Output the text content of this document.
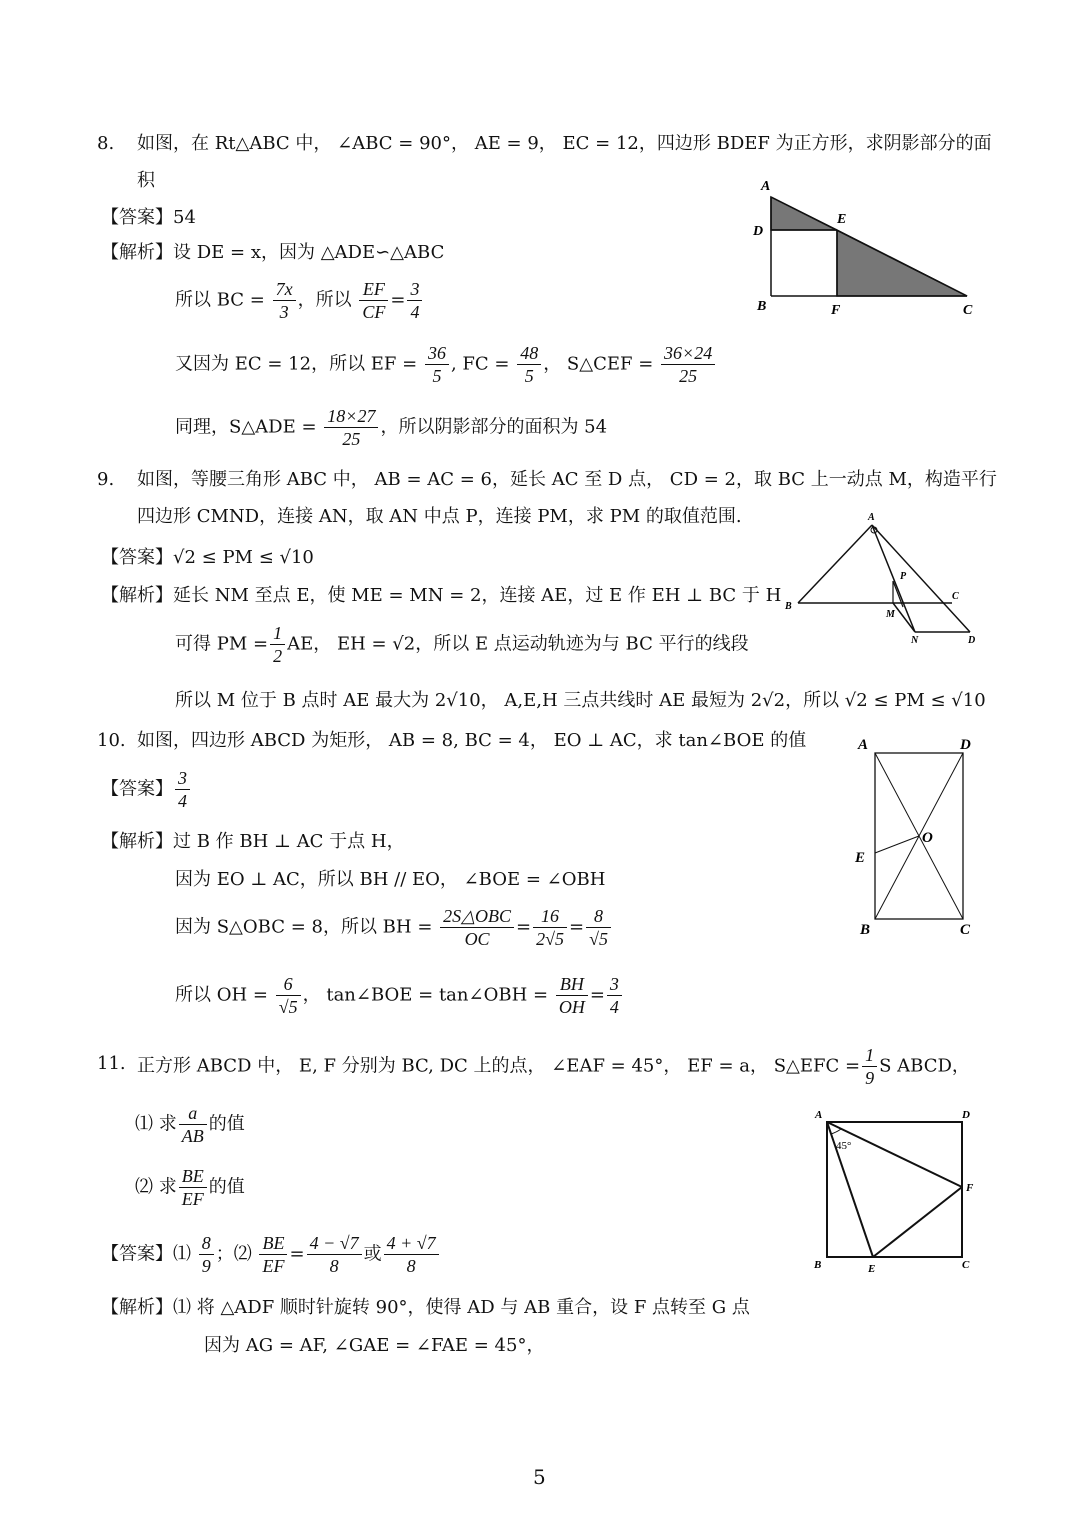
8. 如图，在 Rt△ABC 中， ∠ABC = 90°， AE = 9， EC = 12，四边形 BDEF 为正方形，求阴影部分的面
积
【答案】54
【解析】设 DE = x，因为 △ADE∽△ABC
所以 BC = $\frac{7x}{3}$ ，所以 $\frac{EF}{CF} = \frac{3}{4}$
又因为 EC = 12，所以 EF = $\frac{36}{5}$ , FC = $\frac{48}{5}$ ， S△CEF = $\frac{36\times 24}{25}$
同理，S△ADE = $\frac{18\times 27}{25}$ ，所以阴影部分的面积为 54
A
D
E
B	F	C
9. 如图，等腰三角形 ABC 中， AB = AC = 6，延长 AC 至 D 点， CD = 2，取 BC 上一动点 M，构造平行
四边形 CMND，连接 AN，取 AN 中点 P，连接 PM，求 PM 的取值范围.
【答案】√2 ≤ PM ≤ √10
【解析】延长 NM 至点 E，使 ME = MN = 2，连接 AE，过 E 作 EH ⊥ BC 于 H
可得 PM = $\frac{1}{2}$ AE， EH = √2，所以 E 点运动轨迹为与 BC 平行的线段
所以 M 位于 B 点时 AE 最大为 2√10， A,E,H 三点共线时 AE 最短为 2√2，所以 √2 ≤ PM ≤ √10
A
P
B
C
M
N	D
10. 如图，四边形 ABCD 为矩形， AB = 8, BC = 4， EO ⊥ AC，求 tan∠BOE 的值
【答案】 $\frac{3}{4}$
【解析】过 B 作 BH ⊥ AC 于点 H，
因为 EO ⊥ AC，所以 BH // EO， ∠BOE = ∠OBH
因为 S△OBC = 8，所以 BH = $\frac{\text{2S△OBC}}{OC} = \frac{16}{2√5} = \frac{8}{√5}$
所以 OH = $\frac{6}{√5}$ ， tan∠BOE = tan∠OBH = $\frac{BH}{OH} = \frac{3}{4}$
A	D
O
E
B	C
11. 正方形 ABCD 中， E, F 分别为 BC, DC 上的点， ∠EAF = 45°， EF = a， S△EFC = $\frac{1}{9}$ S ABCD，
⑴ 求 $\frac{a}{AB}$ 的值
⑵ 求 $\frac{BE}{EF}$ 的值
【答案】⑴ $\frac{8}{9}$ ；⑵ $\frac{BE}{EF} = \frac{4 - √7}{8}$ 或 $\frac{4 + √7}{8}$
【解析】⑴ 将 △ADF 顺时针旋转 90°，使得 AD 与 AB 重合，设 F 点转至 G 点
因为 AG = AF, ∠GAE = ∠FAE = 45°，
A	D
45°
F
B	E	C
5
